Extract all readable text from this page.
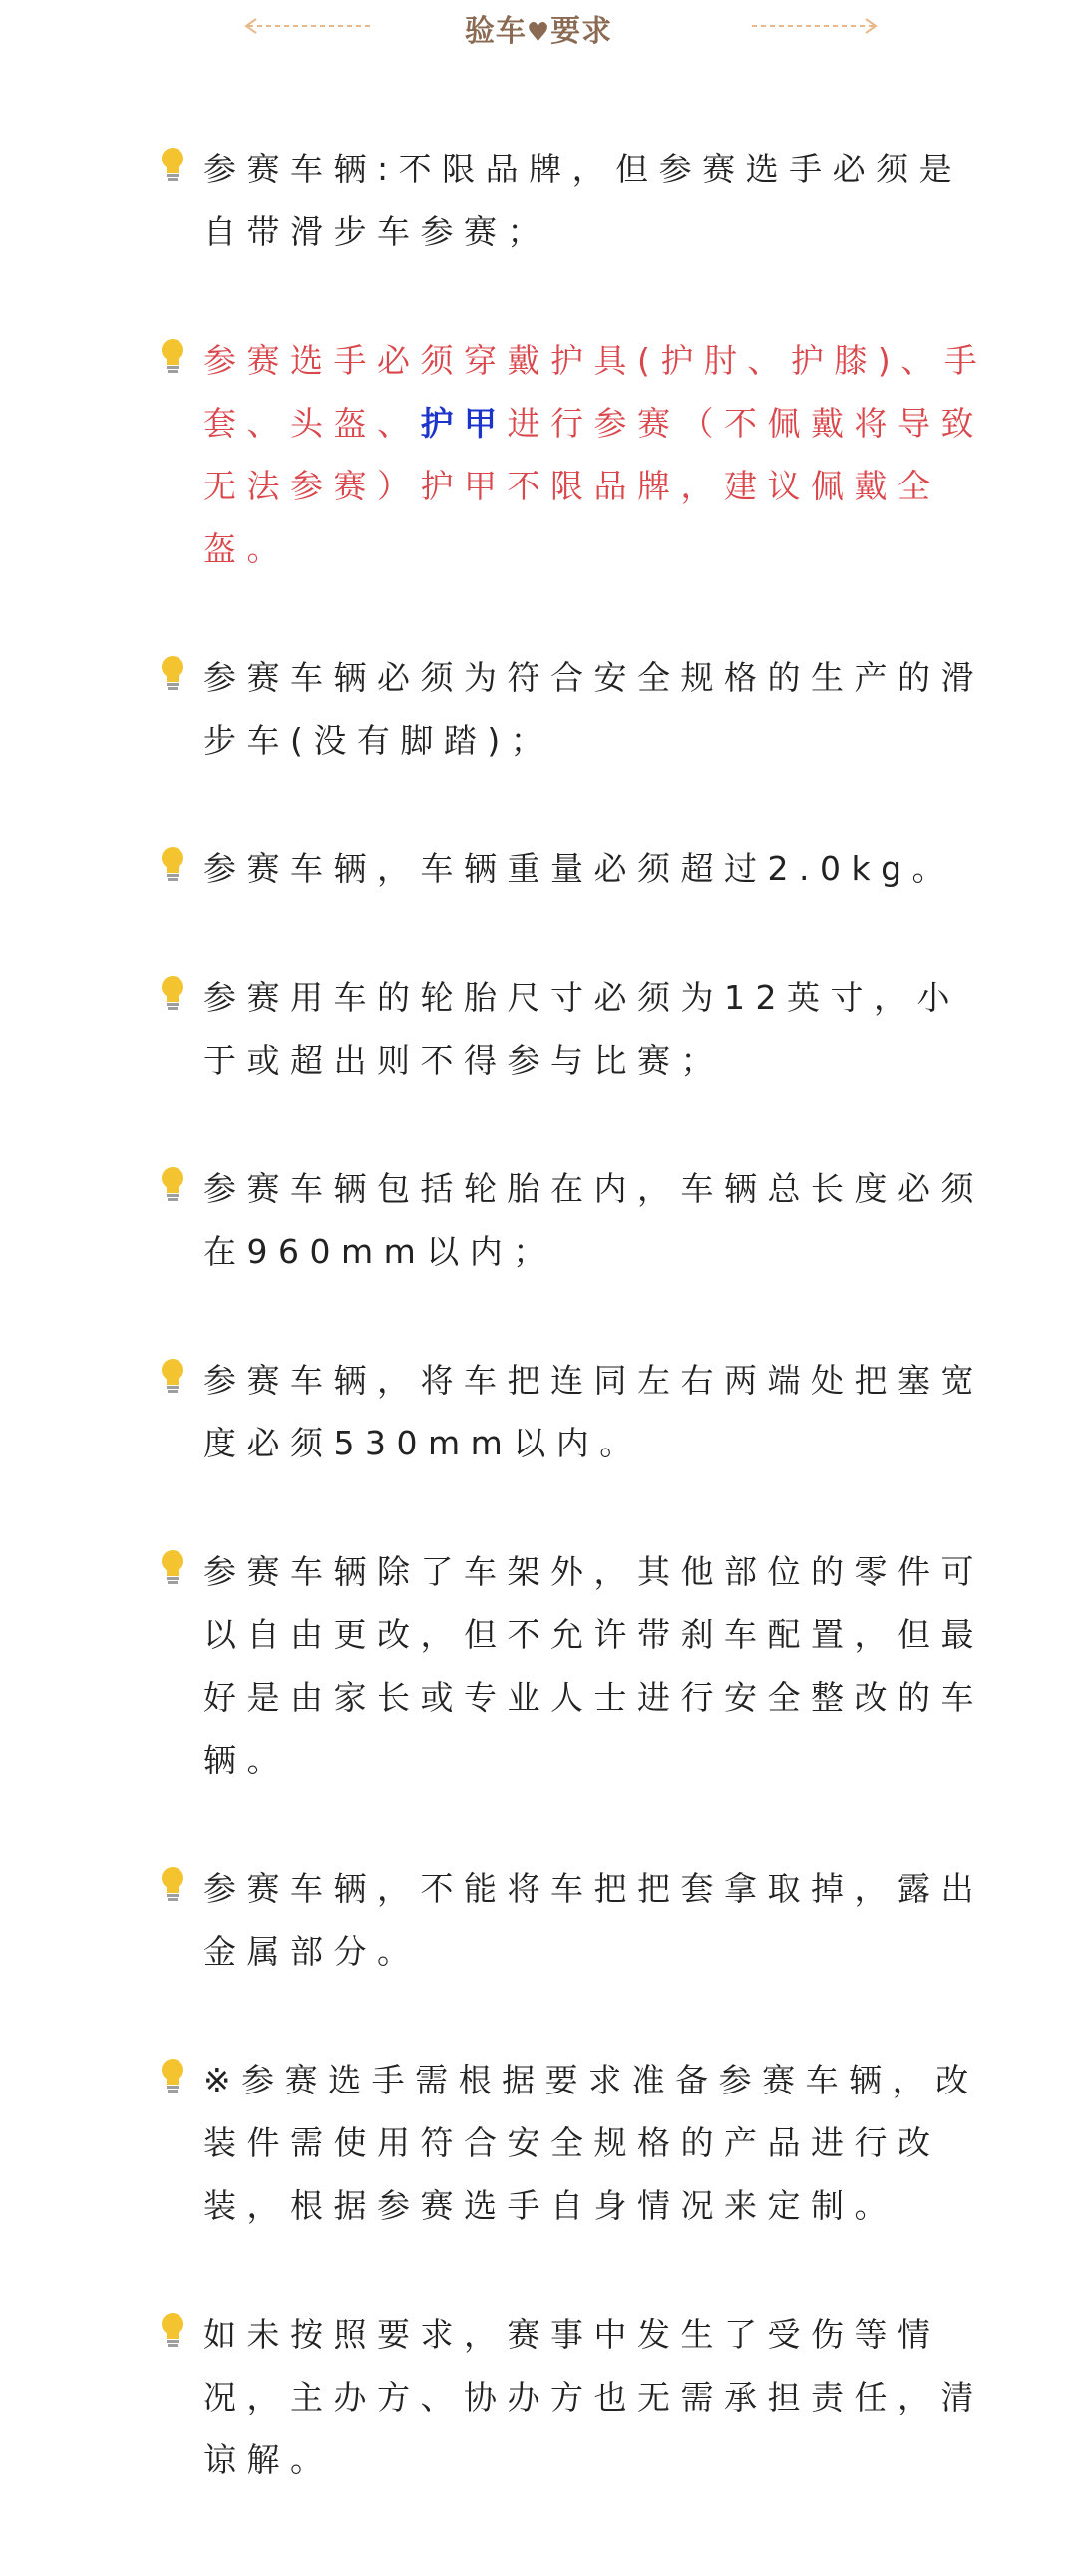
验车♥要求
参赛车辆:不限品牌，但参赛选手必须是自带滑步车参赛；
参赛选手必须穿戴护具(护肘、护膝)、手套、头盔、护甲进行参赛（不佩戴将导致无法参赛）护甲不限品牌，建议佩戴全盔。
参赛车辆必须为符合安全规格的生产的滑步车(没有脚踏)；
参赛车辆，车辆重量必须超过2.0kg。
参赛用车的轮胎尺寸必须为12英寸，小于或超出则不得参与比赛；
参赛车辆包括轮胎在内，车辆总长度必须在960mm以内；
参赛车辆，将车把连同左右两端处把塞宽度必须530mm以内。
参赛车辆除了车架外，其他部位的零件可以自由更改，但不允许带刹车配置，但最好是由家长或专业人士进行安全整改的车辆。
参赛车辆，不能将车把把套拿取掉，露出金属部分。
※参赛选手需根据要求准备参赛车辆，改装件需使用符合安全规格的产品进行改装，根据参赛选手自身情况来定制。
如未按照要求，赛事中发生了受伤等情况，主办方、协办方也无需承担责任，清谅解。
